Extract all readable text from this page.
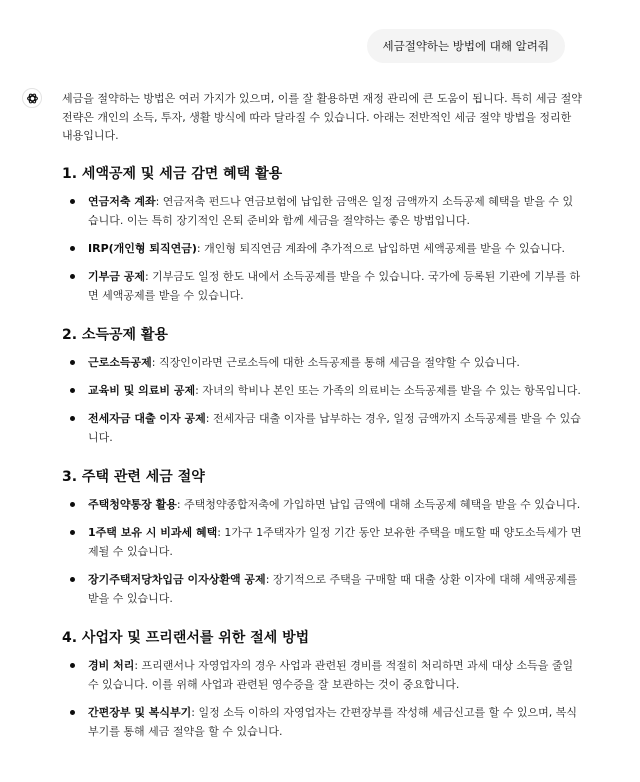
세금절약하는 방법에 대해 알려줘

세금을 절약하는 방법은 여러 가지가 있으며, 이를 잘 활용하면 재정 관리에 큰 도움이 됩니다. 특히 세금 절약 전략은 개인의 소득, 투자, 생활 방식에 따라 달라질 수 있습니다. 아래는 전반적인 세금 절약 방법을 정리한 내용입니다.

1. 세액공제 및 세금 감면 혜택 활용
연금저축 계좌: 연금저축 펀드나 연금보험에 납입한 금액은 일정 금액까지 소득공제 혜택을 받을 수 있습니다. 이는 특히 장기적인 은퇴 준비와 함께 세금을 절약하는 좋은 방법입니다.
IRP(개인형 퇴직연금): 개인형 퇴직연금 계좌에 추가적으로 납입하면 세액공제를 받을 수 있습니다.
기부금 공제: 기부금도 일정 한도 내에서 소득공제를 받을 수 있습니다. 국가에 등록된 기관에 기부를 하면 세액공제를 받을 수 있습니다.
2. 소득공제 활용
근로소득공제: 직장인이라면 근로소득에 대한 소득공제를 통해 세금을 절약할 수 있습니다.
교육비 및 의료비 공제: 자녀의 학비나 본인 또는 가족의 의료비는 소득공제를 받을 수 있는 항목입니다.
전세자금 대출 이자 공제: 전세자금 대출 이자를 납부하는 경우, 일정 금액까지 소득공제를 받을 수 있습니다.
3. 주택 관련 세금 절약
주택청약통장 활용: 주택청약종합저축에 가입하면 납입 금액에 대해 소득공제 혜택을 받을 수 있습니다.
1주택 보유 시 비과세 혜택: 1가구 1주택자가 일정 기간 동안 보유한 주택을 매도할 때 양도소득세가 면제될 수 있습니다.
장기주택저당차입금 이자상환액 공제: 장기적으로 주택을 구매할 때 대출 상환 이자에 대해 세액공제를 받을 수 있습니다.
4. 사업자 및 프리랜서를 위한 절세 방법
경비 처리: 프리랜서나 자영업자의 경우 사업과 관련된 경비를 적절히 처리하면 과세 대상 소득을 줄일 수 있습니다. 이를 위해 사업과 관련된 영수증을 잘 보관하는 것이 중요합니다.
간편장부 및 복식부기: 일정 소득 이하의 자영업자는 간편장부를 작성해 세금신고를 할 수 있으며, 복식부기를 통해 세금 절약을 할 수 있습니다.
